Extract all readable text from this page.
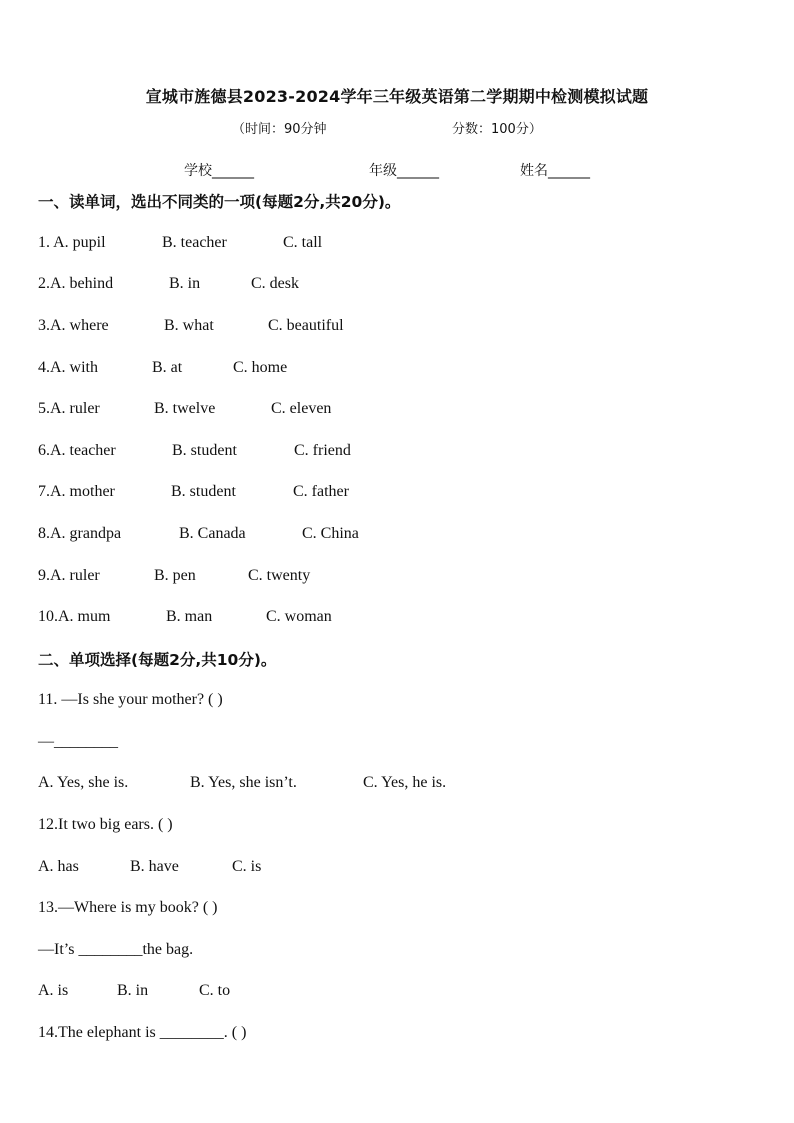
宣城市旌德县2023-2024学年三年级英语第二学期期中检测模拟试题
（时间：90分钟	分数：100分）
学校______	年级______	姓名______
一、读单词，选出不同类的一项(每题2分,共20分)。
1. A. pupil	B. teacher	C. tall
2.A. behind	B. in	C. desk
3.A. where	B. what	C. beautiful
4.A. with	B. at	C. home
5.A. ruler	B. twelve	C. eleven
6.A. teacher	B. student	C. friend
7.A. mother	B. student	C. father
8.A. grandpa	B. Canada	C. China
9.A. ruler	B. pen	C. twenty
10.A. mum	B. man	C. woman
二、单项选择(每题2分,共10分)。
11. —Is she your mother? ( )
—________
A. Yes, she is.	B. Yes, she isn’t.	C. Yes, he is.
12.It two big ears. ( )
A. has	B. have	C. is
13.—Where is my book? ( )
—It’s ________the bag.
A. is	B. in	C. to
14.The elephant is ________. ( )
